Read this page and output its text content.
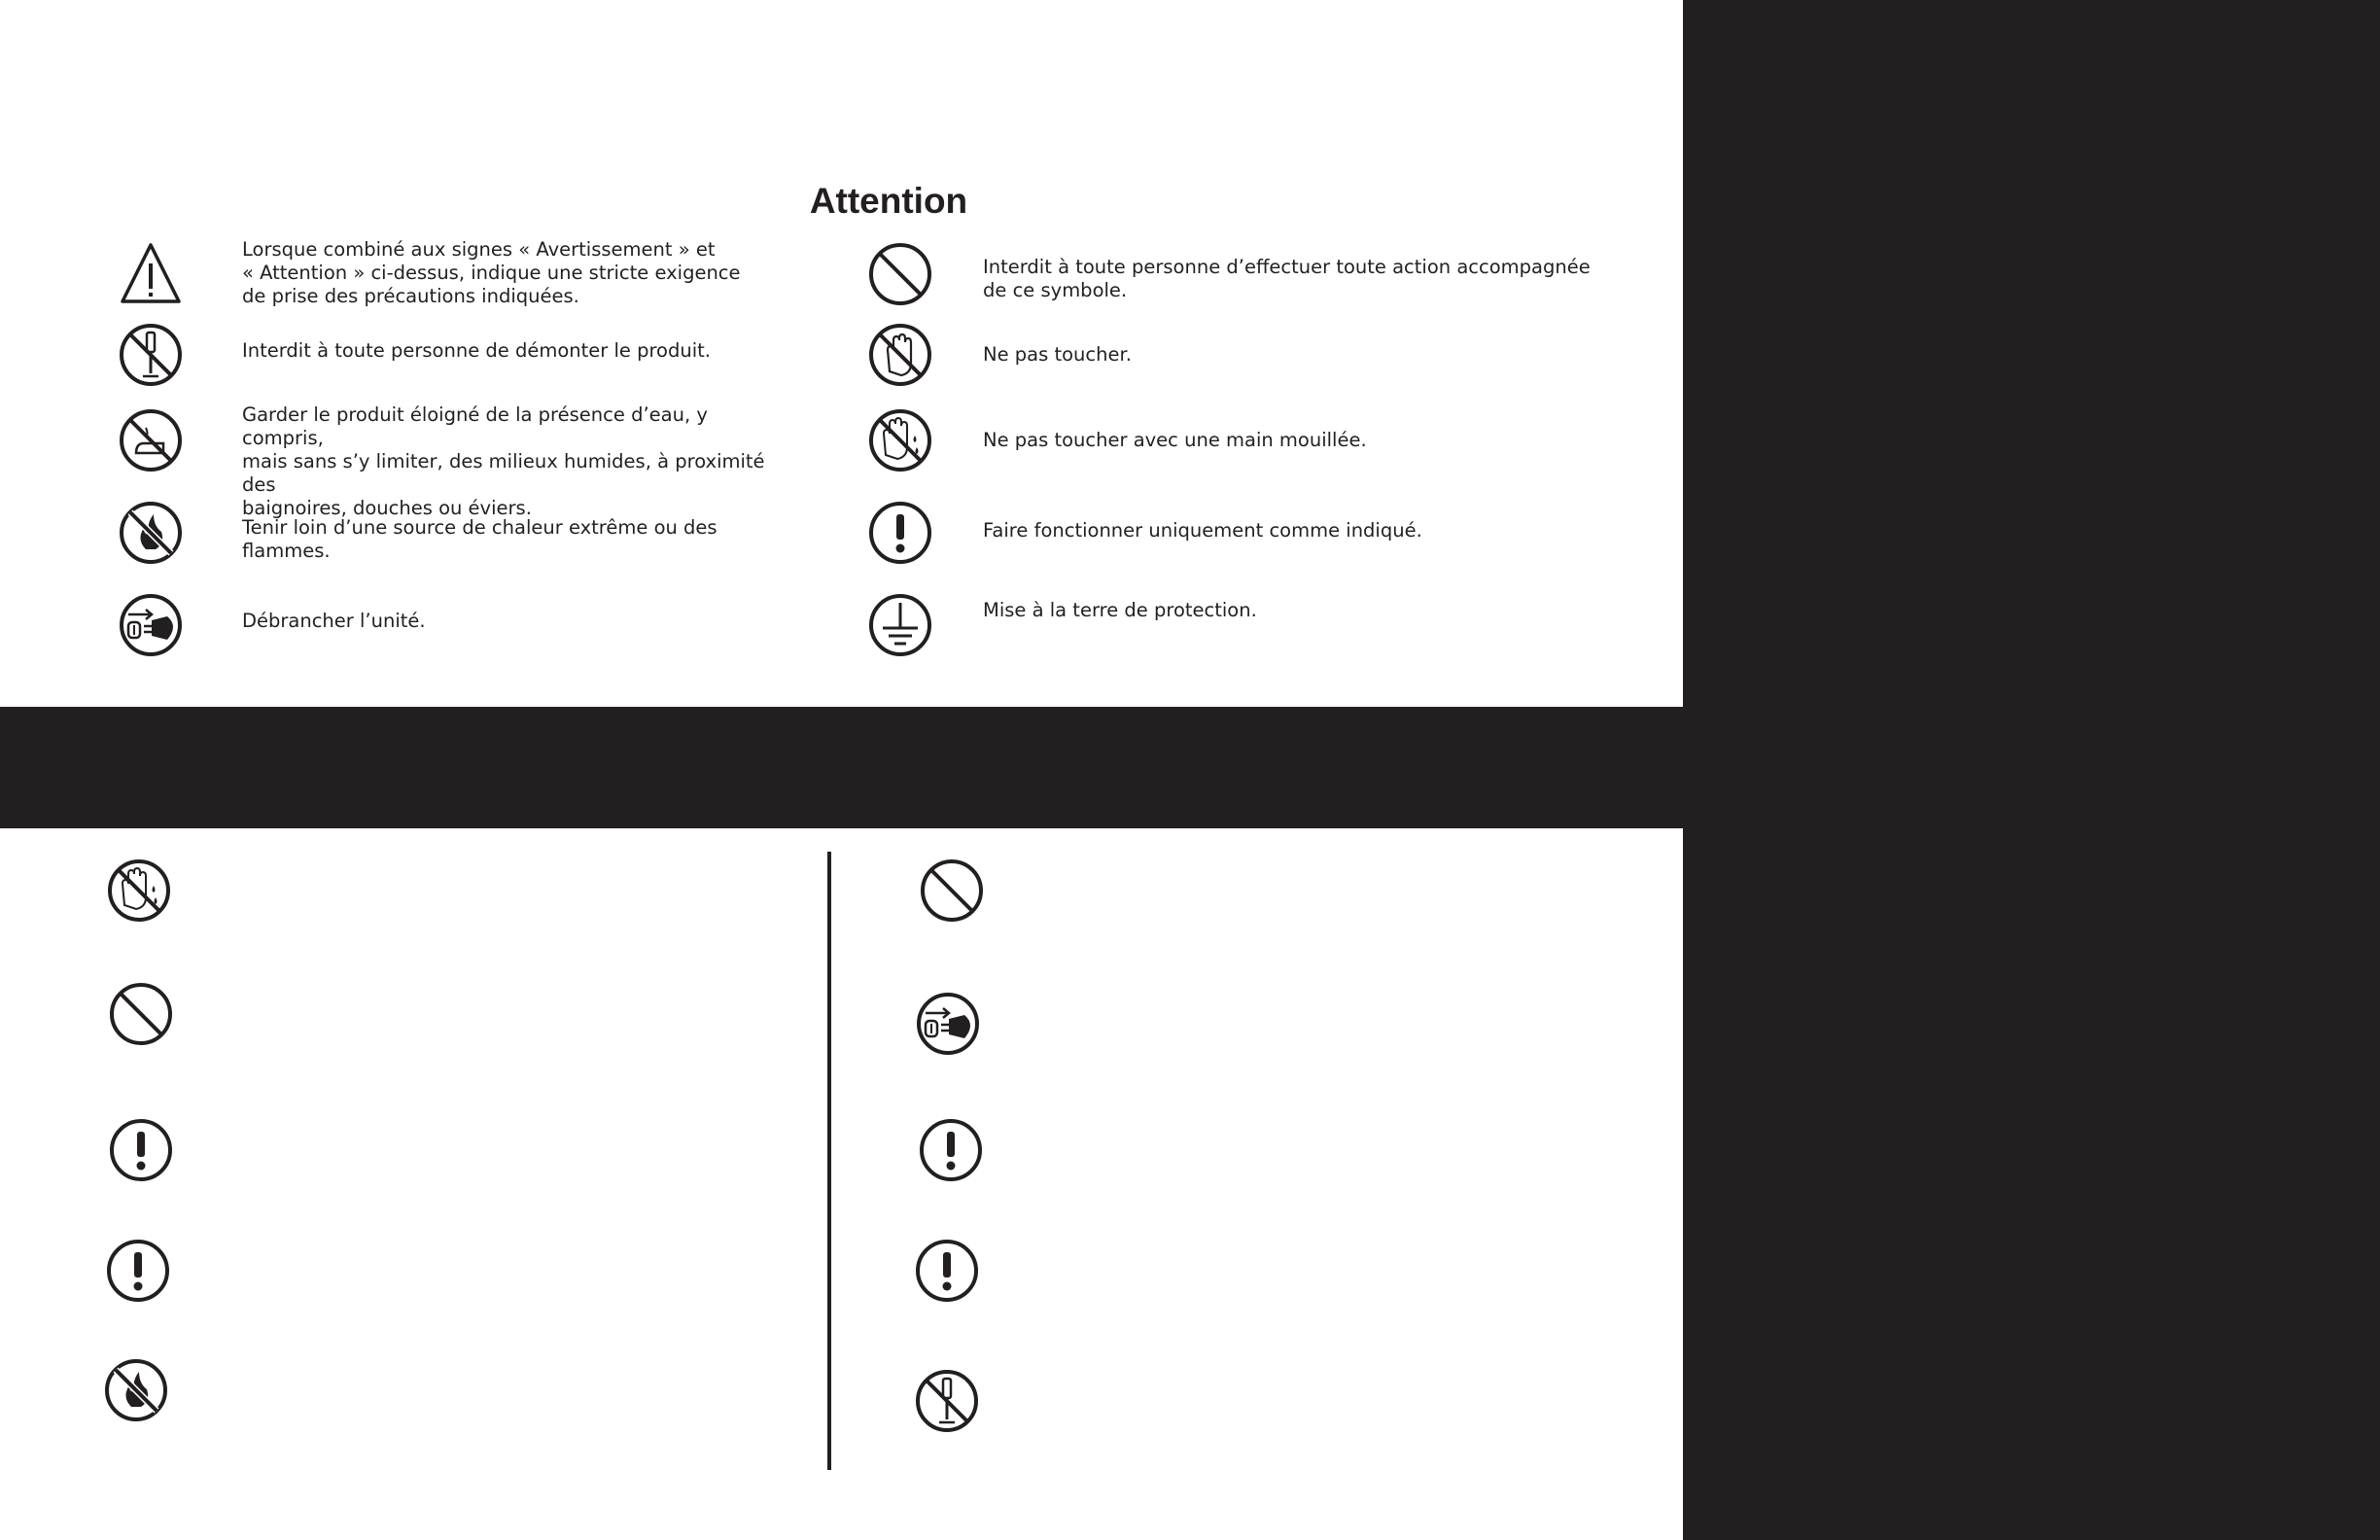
Attention
Lorsque combiné aux signes « Avertissement » et
« Attention » ci-dessus, indique une stricte exigence
de prise des précautions indiquées.
Interdit à toute personne de démonter le produit.
Garder le produit éloigné de la présence d’eau, y compris,
mais sans s’y limiter, des milieux humides, à proximité des
baignoires, douches ou éviers.
Tenir loin d’une source de chaleur extrême ou des flammes.
Débrancher l’unité.
Interdit à toute personne d’effectuer toute action accompagnée
de ce symbole.
Ne pas toucher.
Ne pas toucher avec une main mouillée.
Faire fonctionner uniquement comme indiqué.
Mise à la terre de protection.
